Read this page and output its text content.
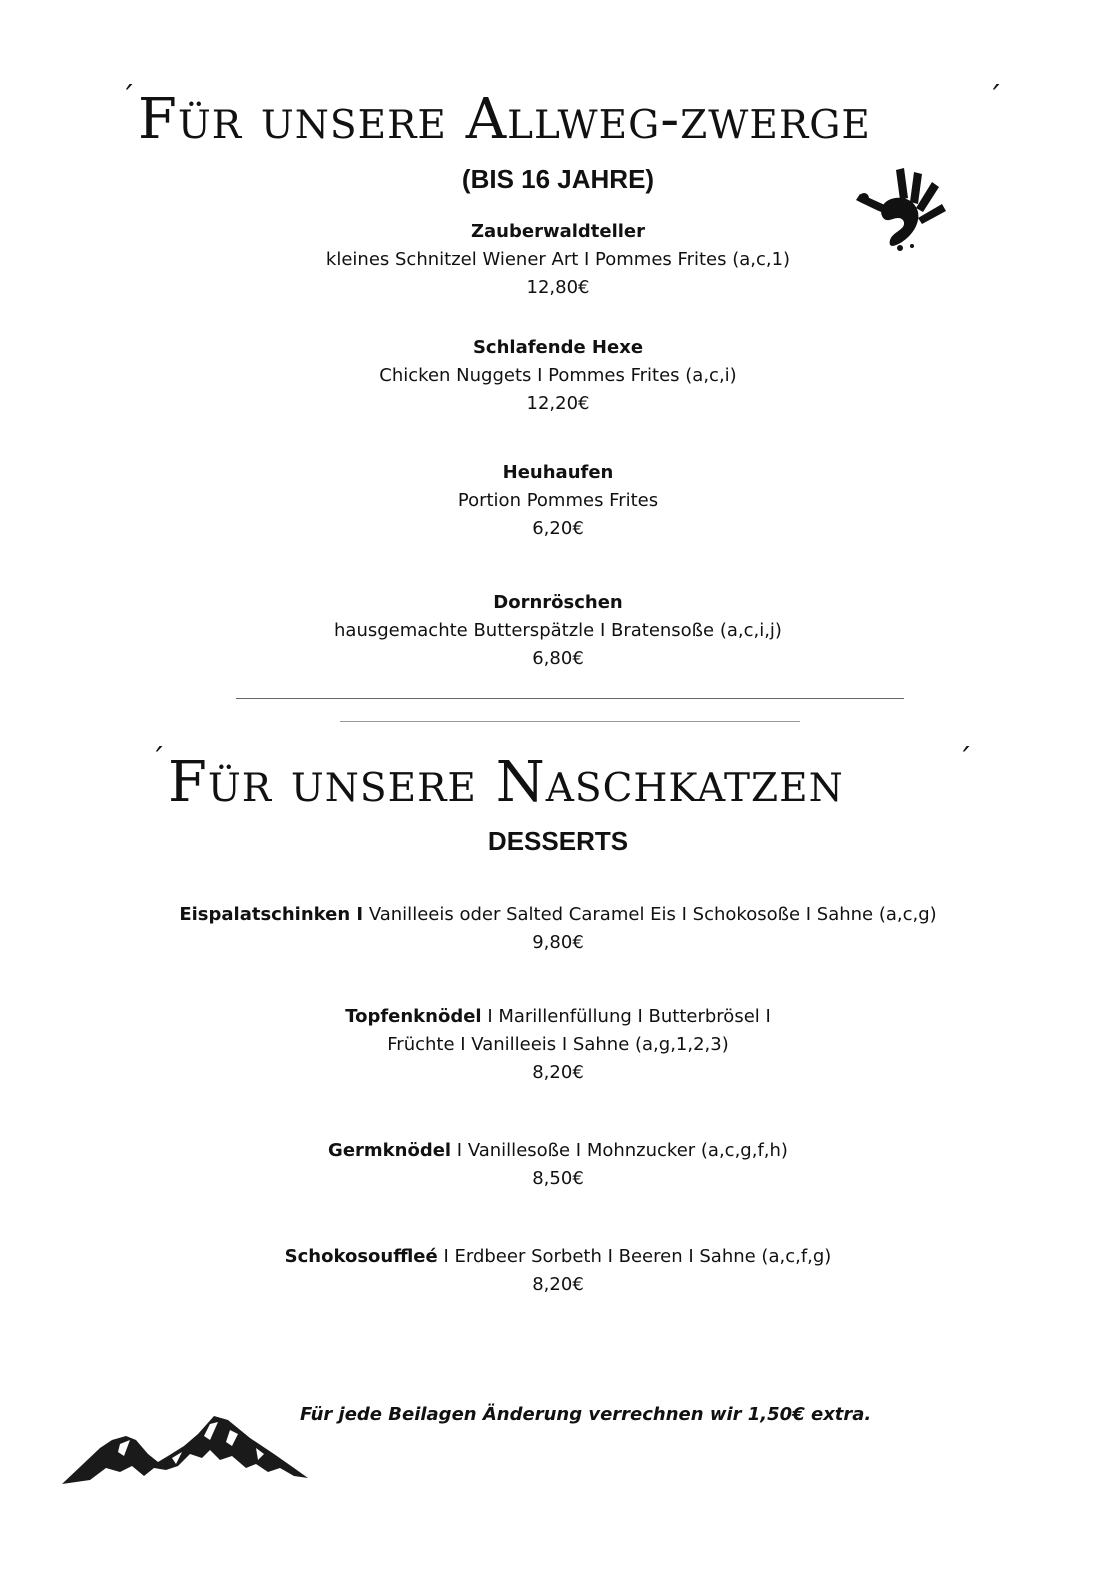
´ Für unsere Allweg-zwerge	´
(BIS 16 JAHRE)
Zauberwaldteller
kleines Schnitzel Wiener Art I Pommes Frites (a,c,1)
12,80€
Schlafende Hexe
Chicken Nuggets I Pommes Frites (a,c,i)
12,20€
Heuhaufen
Portion Pommes Frites
6,20€
Dornröschen
hausgemachte Butterspätzle I Bratensoße (a,c,i,j)
6,80€
´ Für unsere Naschkatzen	´
DESSERTS
Eispalatschinken I Vanilleeis oder Salted Caramel Eis I Schokosoße I Sahne (a,c,g)
9,80€
Topfenknödel I Marillenfüllung I Butterbrösel I
Früchte I Vanilleeis I Sahne (a,g,1,2,3)
8,20€
Germknödel I Vanillesoße I Mohnzucker (a,c,g,f,h)
8,50€
Schokosouffleé I Erdbeer Sorbeth I Beeren I Sahne (a,c,f,g)
8,20€
Für jede Beilagen Änderung verrechnen wir 1,50€ extra.
